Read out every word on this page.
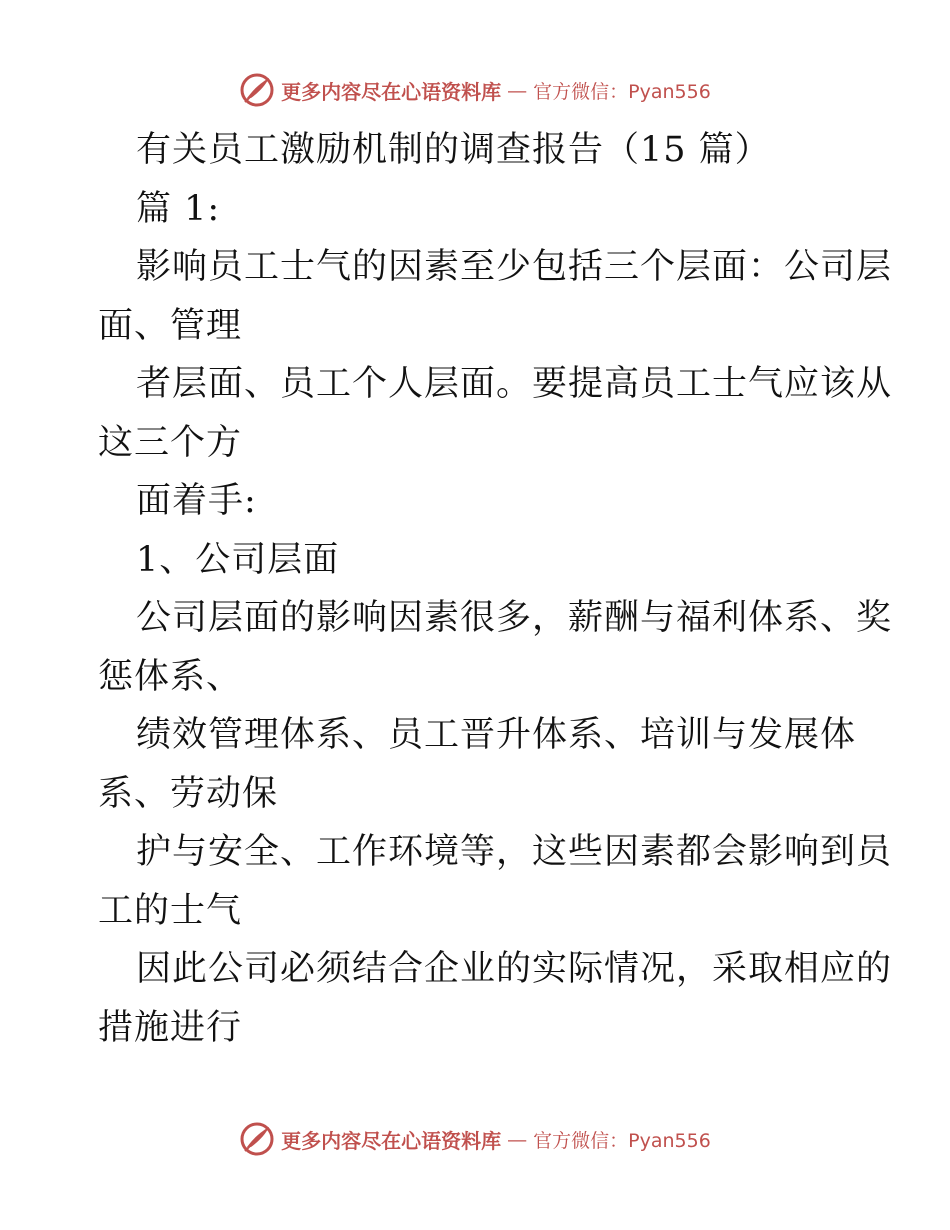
更多内容尽在心语资料库 — 官方微信：Pyan556
有关员工激励机制的调查报告（15 篇）
篇 1:
影响员工士气的因素至少包括三个层面：公司层
面、管理
者层面、员工个人层面。要提高员工士气应该从
这三个方
面着手:
1、公司层面
公司层面的影响因素很多，薪酬与福利体系、奖
惩体系、
绩效管理体系、员工晋升体系、培训与发展体
系、劳动保
护与安全、工作环境等，这些因素都会影响到员
工的士气
因此公司必须结合企业的实际情况，采取相应的
措施进行
更多内容尽在心语资料库 — 官方微信：Pyan556
